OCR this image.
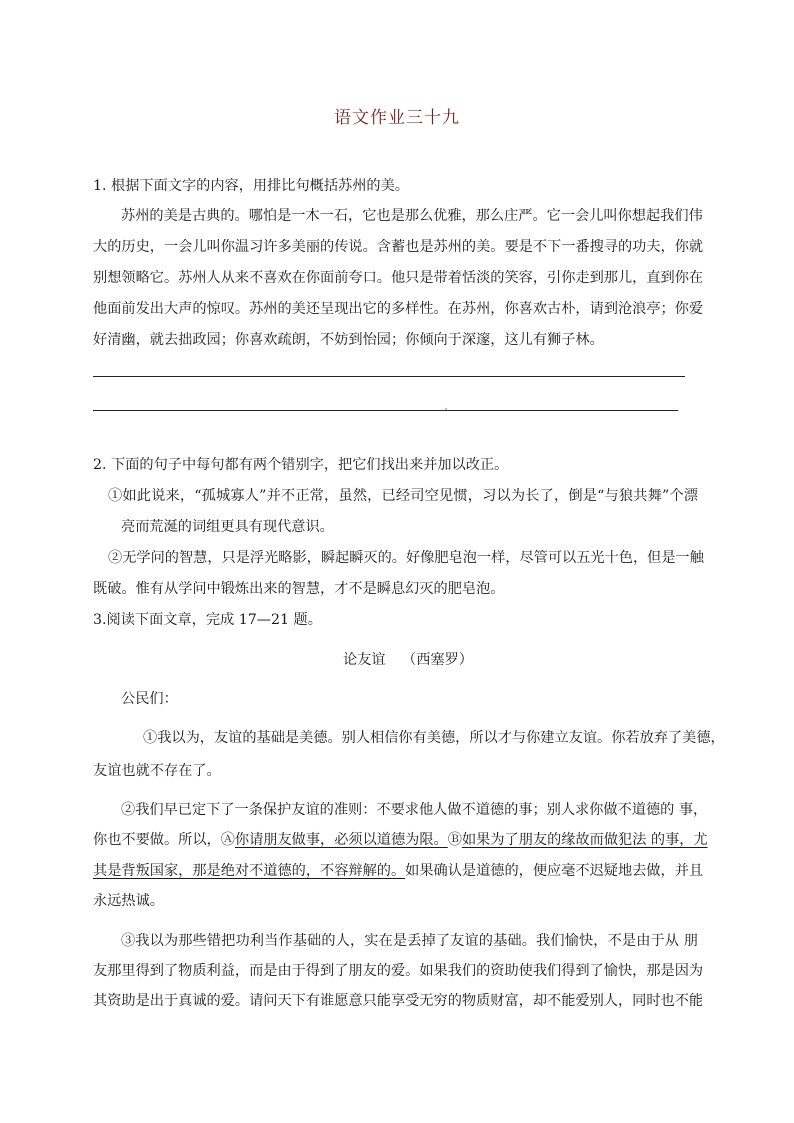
语文作业三十九
1. 根据下面文字的内容，用排比句概括苏州的美。
苏州的美是古典的。哪怕是一木一石，它也是那么优雅，那么庄严。它一会儿叫你想起我们伟
大的历史，一会儿叫你温习许多美丽的传说。含蓄也是苏州的美。要是不下一番搜寻的功夫，你就
别想领略它。苏州人从来不喜欢在你面前夸口。他只是带着恬淡的笑容，引你走到那儿，直到你在
他面前发出大声的惊叹。苏州的美还呈现出它的多样性。在苏州，你喜欢古朴，请到沧浪亭；你爱
好清幽，就去拙政园；你喜欢疏朗，不妨到怡园；你倾向于深邃，这儿有狮子林。
2. 下面的句子中每句都有两个错别字，把它们找出来并加以改正。
①如此说来，“孤城寡人”并不正常，虽然，已经司空见惯，习以为长了，倒是“与狼共舞”个漂
亮而荒涎的词组更具有现代意识。
②无学问的智慧，只是浮光略影，瞬起瞬灭的。好像肥皂泡一样，尽管可以五光十色，但是一触
既破。惟有从学问中锻炼出来的智慧，才不是瞬息幻灭的肥皂泡。
3.阅读下面文章，完成 17—21 题。
论友谊 （西塞罗）
公民们：
①我以为，友谊的基础是美德。别人相信你有美德，所以才与你建立友谊。你若放弃了美德，
友谊也就不存在了。
②我们早已定下了一条保护友谊的准则：不要求他人做不道德的事；别人求你做不道德的 事，
你也不要做。所以，Ⓐ你请朋友做事，必须以道德为限。Ⓑ如果为了朋友的缘故而做犯法 的事，尤
其是背叛国家，那是绝对不道德的，不容辩解的。如果确认是道德的，便应毫不迟疑地去做，并且
永远热诚。
③我以为那些错把功利当作基础的人，实在是丢掉了友谊的基础。我们愉快，不是由于从 朋
友那里得到了物质利益，而是由于得到了朋友的爱。如果我们的资助使我们得到了愉快，那是因为
其资助是出于真诚的爱。请问天下有谁愿意只能享受无穷的物质财富，却不能爱别人，同时也不能
